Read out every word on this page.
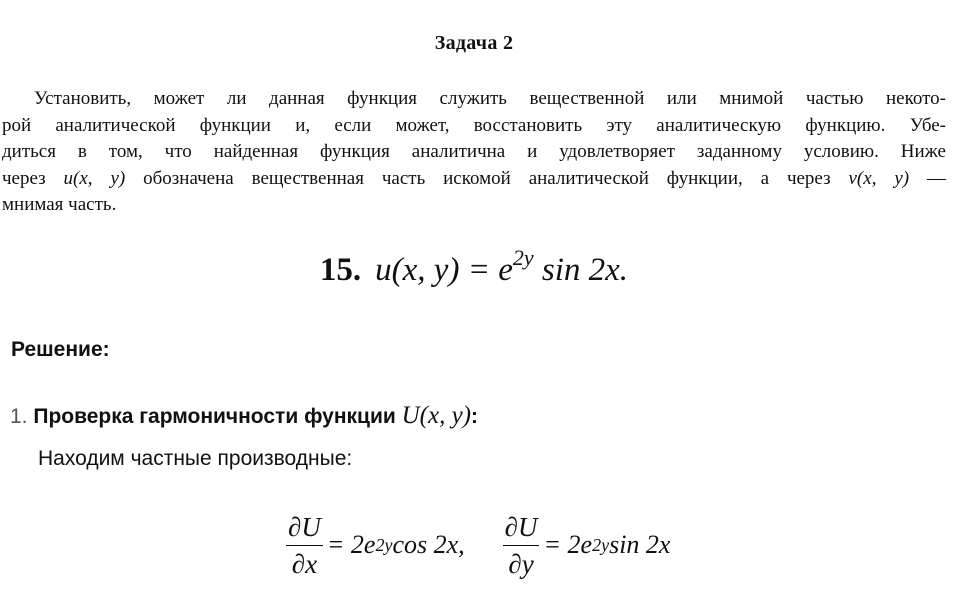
Задача 2
Установить, может ли данная функция служить вещественной или мнимой частью некото-
рой аналитической функции и, если может, восстановить эту аналитическую функцию. Убе-
диться в том, что найденная функция аналитична и удовлетворяет заданному условию. Ниже
через u(x, y) обозначена вещественная часть искомой аналитической функции, а через v(x, y) —
мнимая часть.
15. u(x, $y) = e^{2y}$ sin 2x.
Решение:
1. Проверка гармоничности функции U(x, y):
Находим частные производные:
$\frac{\partial U}{\partial x} = 2e$ 2y cos 2x, $\frac{\partial U}{\partial y} = 2e$ 2y sin 2x
